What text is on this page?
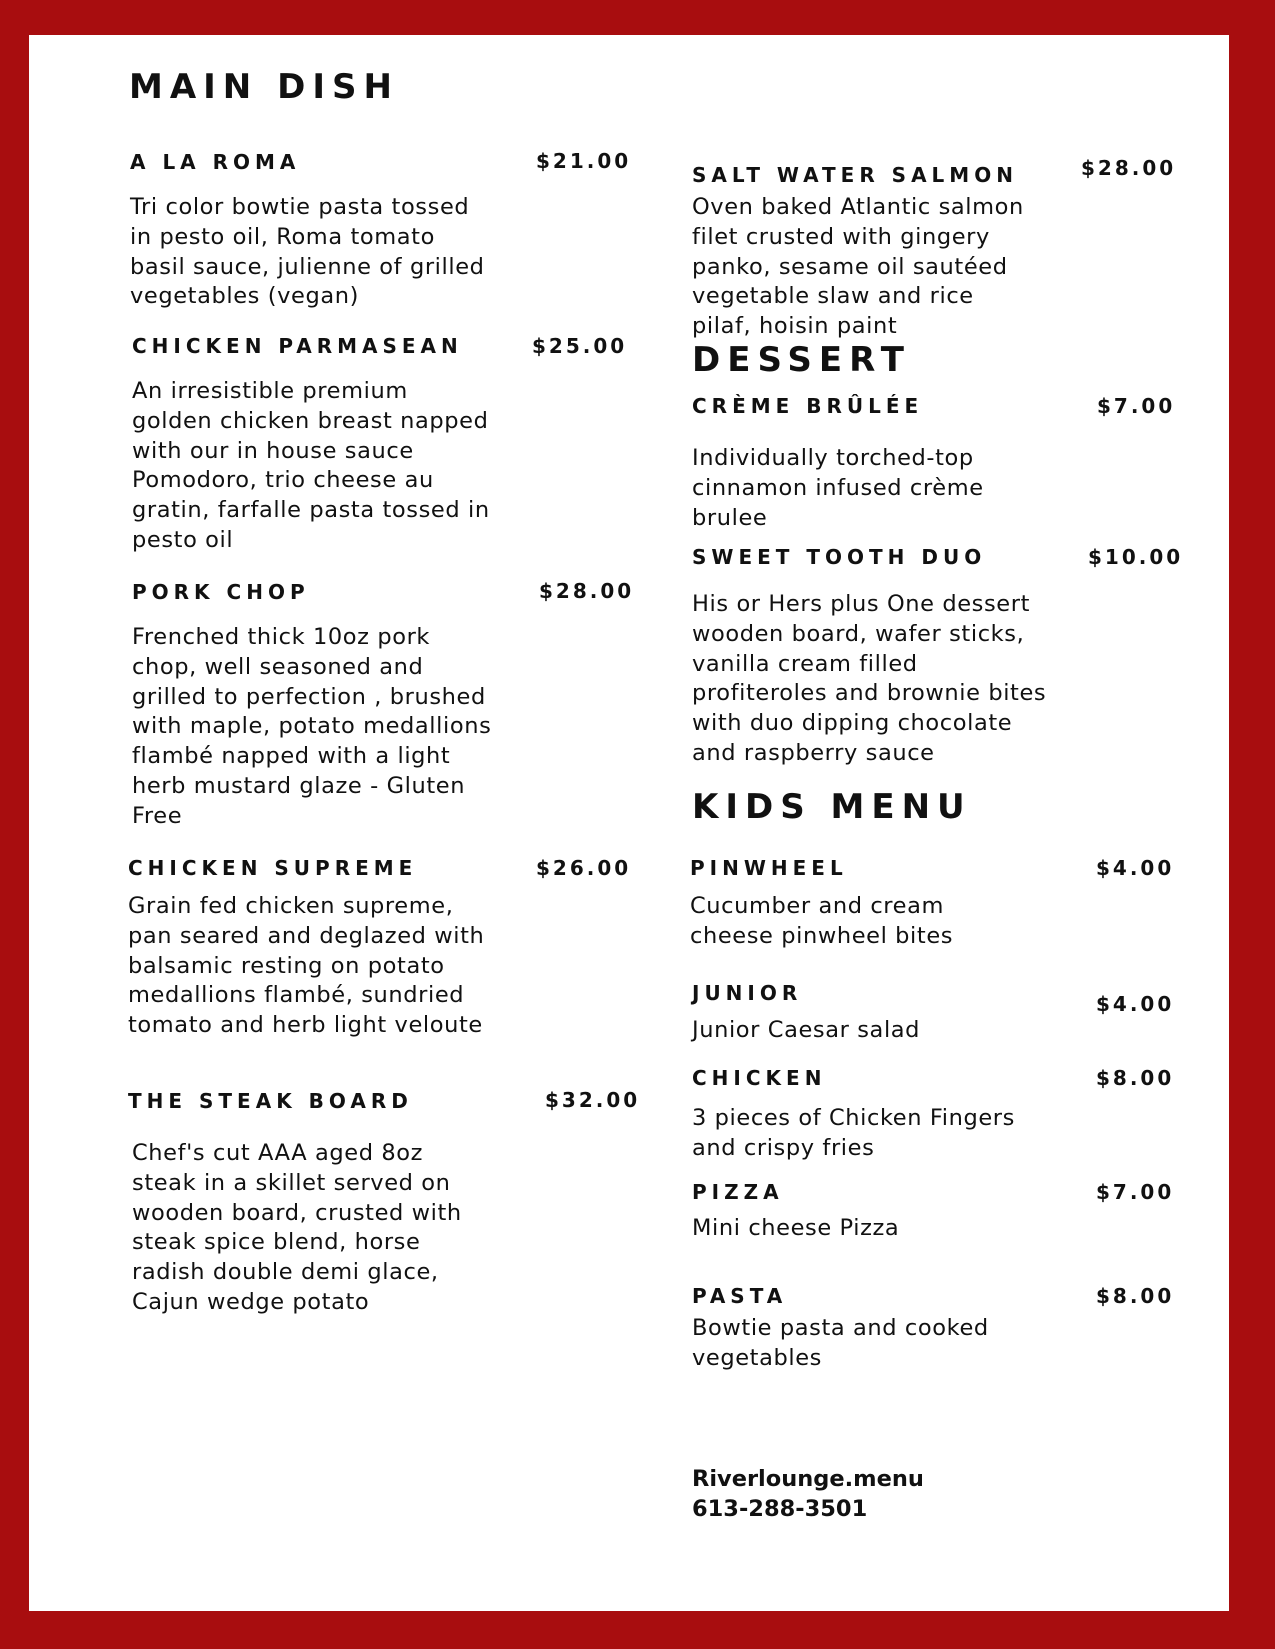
MAIN DISH
A LA ROMA	$21.00

Tri color bowtie pasta tossed in pesto oil, Roma tomato basil sauce, julienne of grilled vegetables (vegan)

CHICKEN PARMASEAN	$25.00

An irresistible premium golden chicken breast napped with our in house sauce Pomodoro, trio cheese au gratin, farfalle pasta tossed in pesto oil

PORK CHOP	$28.00

Frenched thick 10oz pork chop, well seasoned and grilled to perfection , brushed with maple, potato medallions flambé napped with a light herb mustard glaze - Gluten Free

CHICKEN SUPREME	$26.00

Grain fed chicken supreme, pan seared and deglazed with balsamic resting on potato medallions flambé, sundried tomato and herb light veloute

THE STEAK BOARD	$32.00

Chef's cut AAA aged 8oz steak in a skillet served on wooden board, crusted with steak spice blend, horse radish double demi glace, Cajun wedge potato

SALT WATER SALMON	$28.00

Oven baked Atlantic salmon filet crusted with gingery panko, sesame oil sautéed vegetable slaw and rice pilaf, hoisin paint

DESSERT
CRÈME BRÛLÉE	$7.00

Individually torched-top cinnamon infused crème brulee

SWEET TOOTH DUO	$10.00

His or Hers plus One dessert wooden board, wafer sticks, vanilla cream filled profiteroles and brownie bites with duo dipping chocolate and raspberry sauce

KIDS MENU
PINWHEEL	$4.00

Cucumber and cream cheese pinwheel bites

JUNIOR	$4.00

Junior Caesar salad

CHICKEN	$8.00

3 pieces of Chicken Fingers and crispy fries

PIZZA	$7.00

Mini cheese Pizza

PASTA	$8.00

Bowtie pasta and cooked vegetables

Riverlounge.menu
613-288-3501
